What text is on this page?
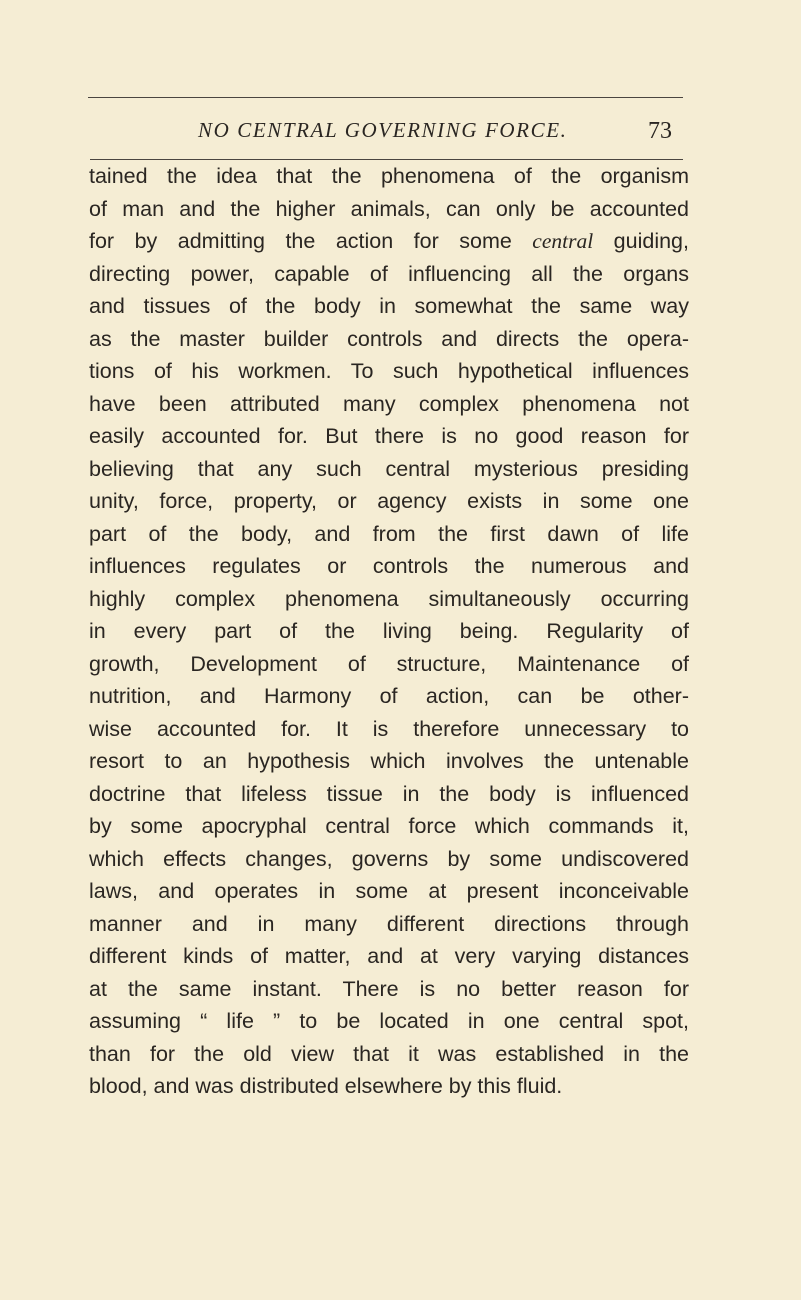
NO CENTRAL GOVERNING FORCE.	73
tained the idea that the phenomena of the organism
of man and the higher animals, can only be accounted
for by admitting the action for some central guiding,
directing power, capable of influencing all the organs
and tissues of the body in somewhat the same way
as the master builder controls and directs the opera-
tions of his workmen. To such hypothetical influences
have been attributed many complex phenomena not
easily accounted for. But there is no good reason for
believing that any such central mysterious presiding
unity, force, property, or agency exists in some one
part of the body, and from the first dawn of life
influences regulates or controls the numerous and
highly complex phenomena simultaneously occurring
in every part of the living being. Regularity of
growth, Development of structure, Maintenance of
nutrition, and Harmony of action, can be other-
wise accounted for. It is therefore unnecessary to
resort to an hypothesis which involves the untenable
doctrine that lifeless tissue in the body is influenced
by some apocryphal central force which commands it,
which effects changes, governs by some undiscovered
laws, and operates in some at present inconceivable
manner and in many different directions through
different kinds of matter, and at very varying distances
at the same instant. There is no better reason for
assuming “ life ” to be located in one central spot,
than for the old view that it was established in the
blood, and was distributed elsewhere by this fluid.
